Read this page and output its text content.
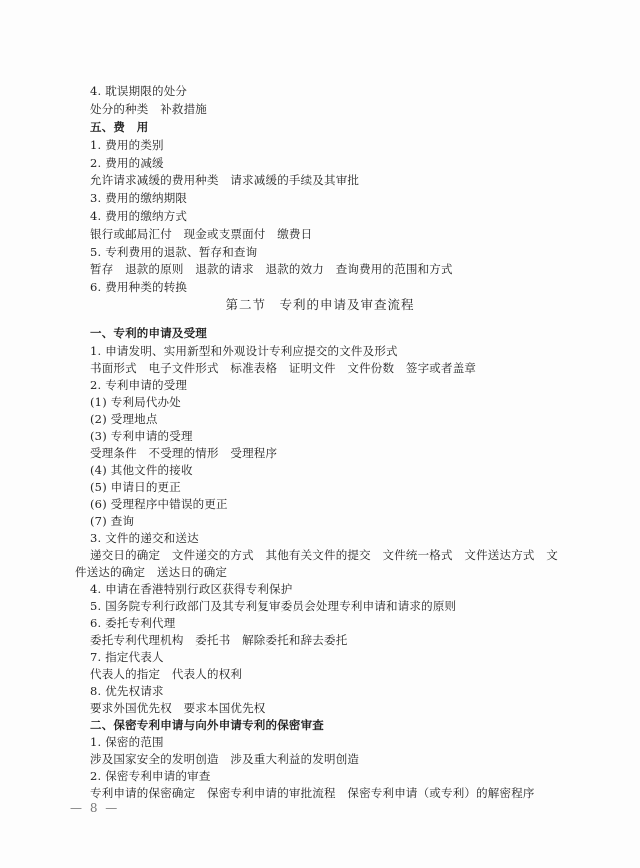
4. 耽误期限的处分
处分的种类　补救措施
五、费　用
1. 费用的类别
2. 费用的减缓
允许请求减缓的费用种类　请求减缓的手续及其审批
3. 费用的缴纳期限
4. 费用的缴纳方式
银行或邮局汇付　现金或支票面付　缴费日
5. 专利费用的退款、暂存和查询
暂存　退款的原则　退款的请求　退款的效力　查询费用的范围和方式
6. 费用种类的转换
第二节　专利的申请及审查流程
一、专利的申请及受理
1. 申请发明、实用新型和外观设计专利应提交的文件及形式
书面形式　电子文件形式　标准表格　证明文件　文件份数　签字或者盖章
2. 专利申请的受理
(1) 专利局代办处
(2) 受理地点
(3) 专利申请的受理
受理条件　不受理的情形　受理程序
(4) 其他文件的接收
(5) 申请日的更正
(6) 受理程序中错误的更正
(7) 查询
3. 文件的递交和送达
递交日的确定　文件递交的方式　其他有关文件的提交　文件统一格式　文件送达方式　文
件送达的确定　送达日的确定
4. 申请在香港特别行政区获得专利保护
5. 国务院专利行政部门及其专利复审委员会处理专利申请和请求的原则
6. 委托专利代理
委托专利代理机构　委托书　解除委托和辞去委托
7. 指定代表人
代表人的指定　代表人的权利
8. 优先权请求
要求外国优先权　要求本国优先权
二、保密专利申请与向外申请专利的保密审查
1. 保密的范围
涉及国家安全的发明创造　涉及重大利益的发明创造
2. 保密专利申请的审查
专利申请的保密确定　保密专利申请的审批流程　保密专利申请（或专利）的解密程序
— 8 —
